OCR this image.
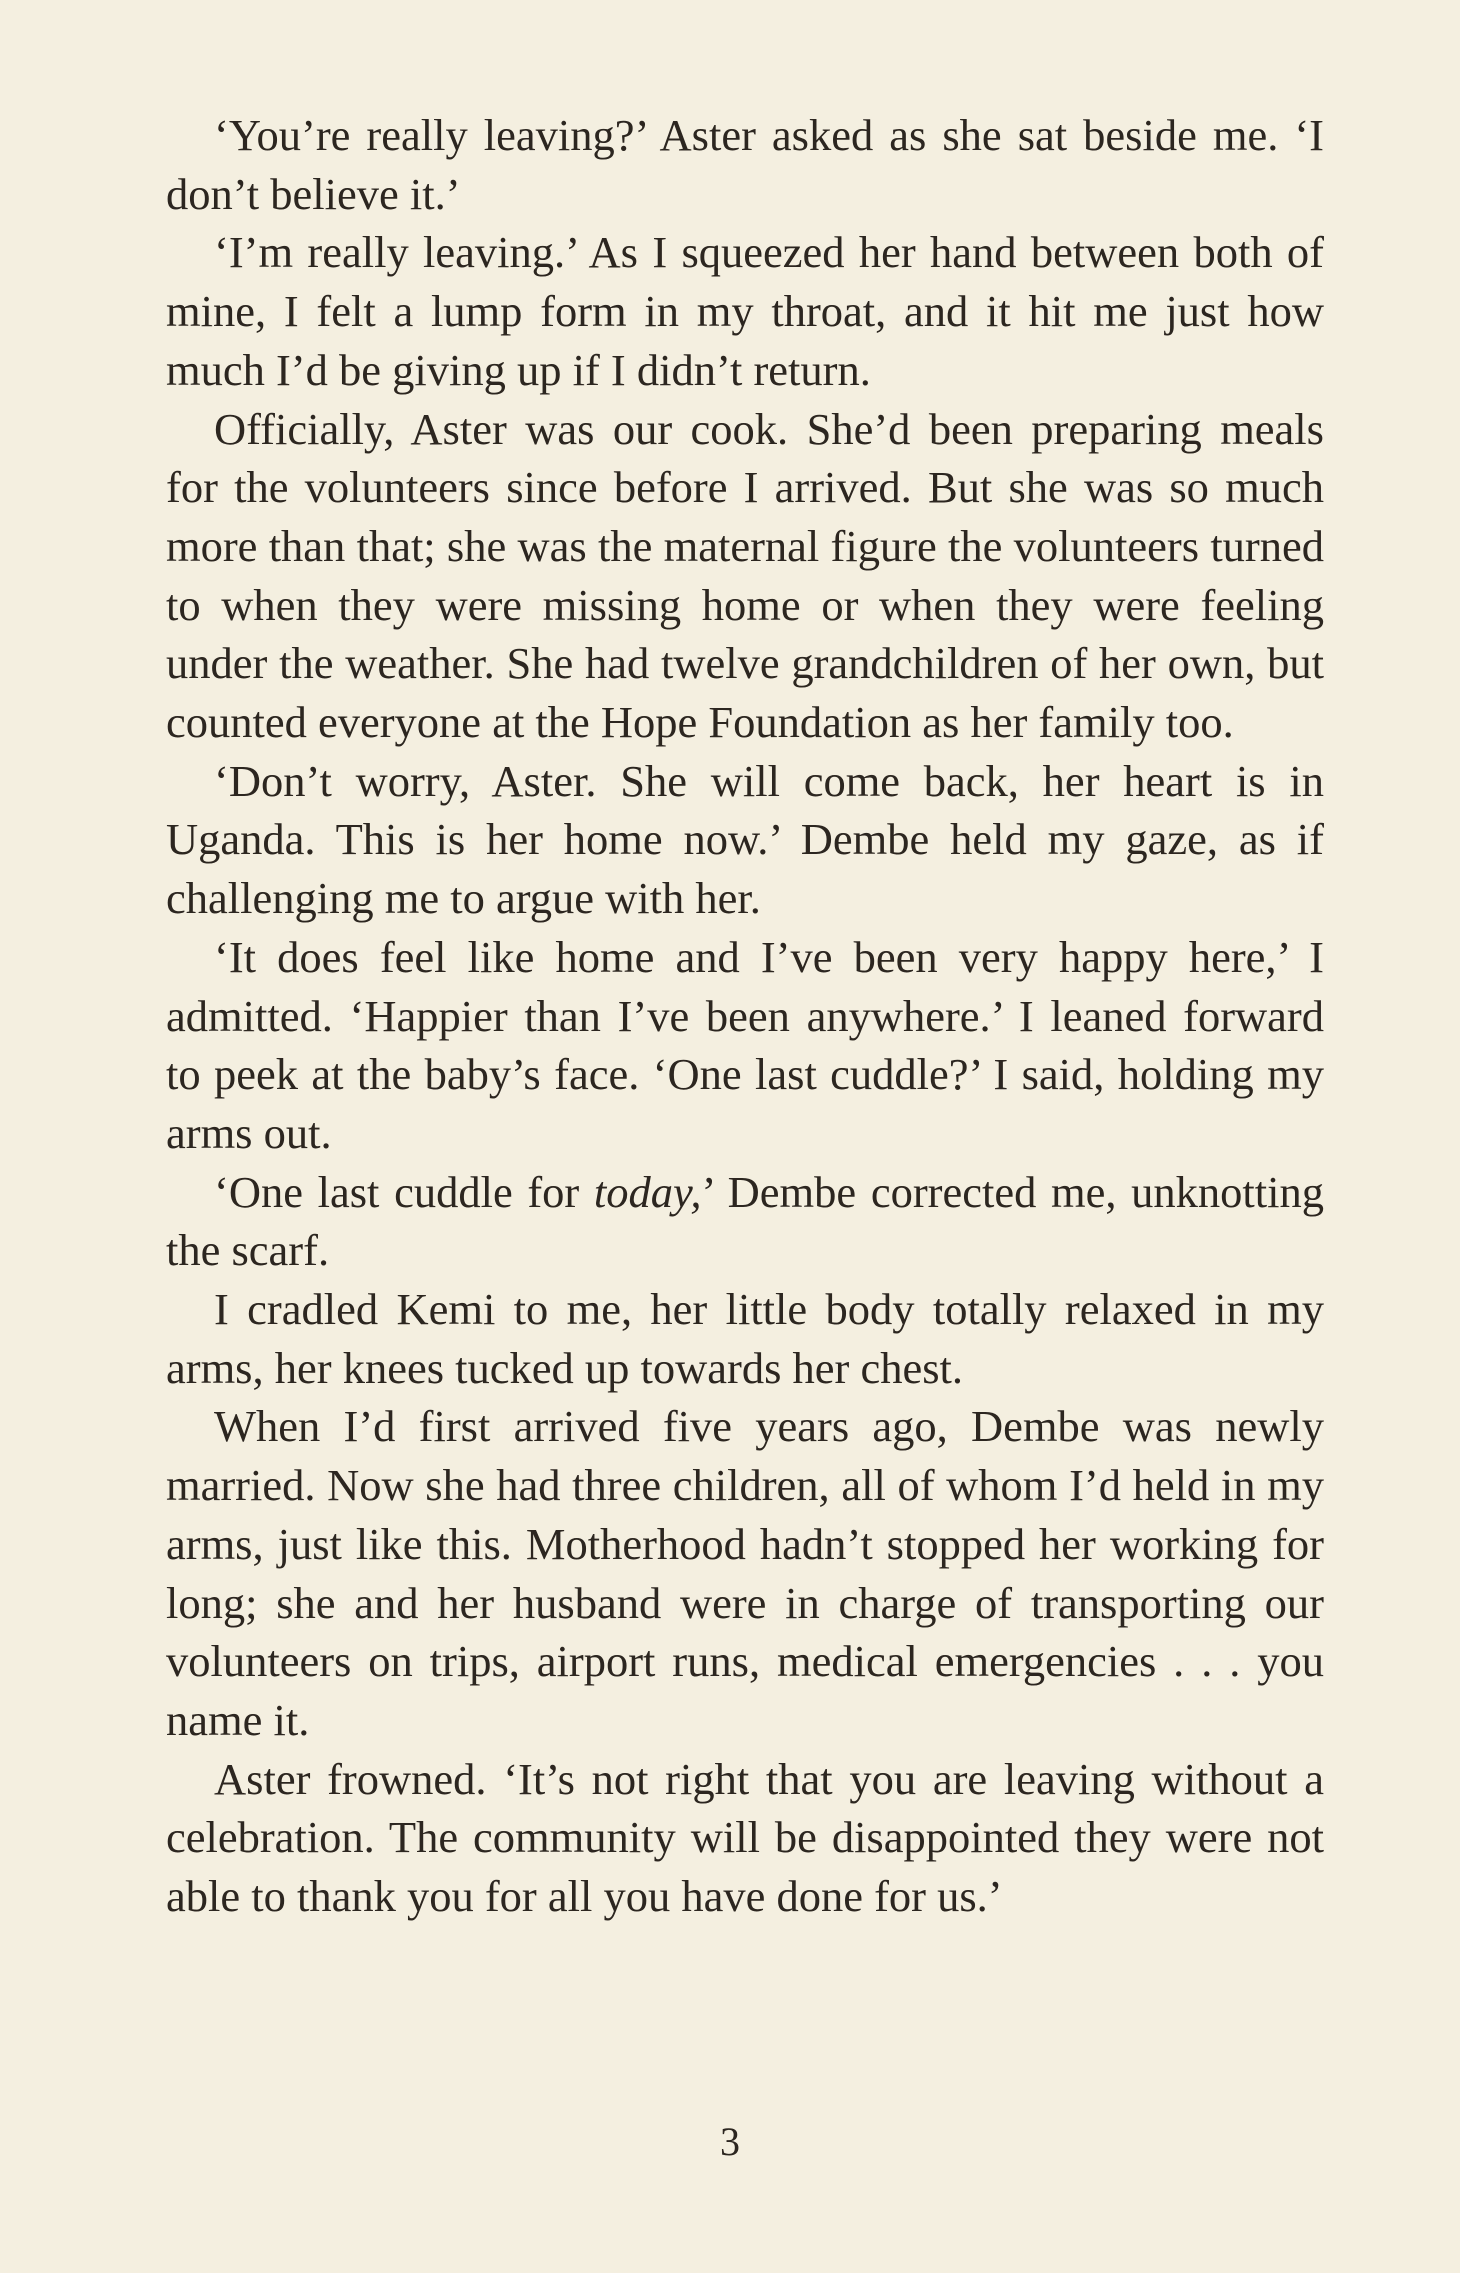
‘You’re really leaving?’ Aster asked as she sat beside me. ‘I don’t believe it.’

‘I’m really leaving.’ As I squeezed her hand between both of mine, I felt a lump form in my throat, and it hit me just how much I’d be giving up if I didn’t return.

Officially, Aster was our cook. She’d been preparing meals for the volunteers since before I arrived. But she was so much more than that; she was the maternal figure the volunteers turned to when they were missing home or when they were feeling under the weather. She had twelve grandchildren of her own, but counted everyone at the Hope Foundation as her family too.

‘Don’t worry, Aster. She will come back, her heart is in Uganda. This is her home now.’ Dembe held my gaze, as if challenging me to argue with her.

‘It does feel like home and I’ve been very happy here,’ I admitted. ‘Happier than I’ve been anywhere.’ I leaned forward to peek at the baby’s face. ‘One last cuddle?’ I said, holding my arms out.

‘One last cuddle for today,’ Dembe corrected me, unknotting the scarf.

I cradled Kemi to me, her little body totally relaxed in my arms, her knees tucked up towards her chest.

When I’d first arrived five years ago, Dembe was newly married. Now she had three children, all of whom I’d held in my arms, just like this. Motherhood hadn’t stopped her working for long; she and her husband were in charge of transporting our volunteers on trips, airport runs, medical emergencies . . . you name it.

Aster frowned. ‘It’s not right that you are leaving without a celebration. The community will be disappointed they were not able to thank you for all you have done for us.’

3
